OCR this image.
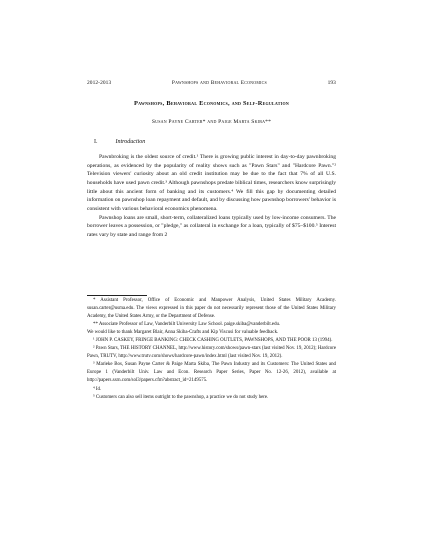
2012-2013	Pawnshops and Behavioral Economics	193
Pawnshops, Behavioral Economics, and Self-Regulation
Susan Payne Carter* and Paige Marta Skiba**
I.	Introduction

Pawnbroking is the oldest source of credit.¹ There is growing public interest in day-to-day pawnbroking operations, as evidenced by the popularity of reality shows such as "Pawn Stars" and "Hardcore Pawn."² Television viewers' curiosity about an old credit institution may be due to the fact that 7% of all U.S. households have used pawn credit.³ Although pawnshops predate biblical times, researchers know surprisingly little about this ancient form of banking and its customers.⁴ We fill this gap by documenting detailed information on pawnshop loan repayment and default, and by discussing how pawnshop borrowers' behavior is consistent with various behavioral economics phenomena.

Pawnshop loans are small, short-term, collateralized loans typically used by low-income consumers. The borrower leaves a possession, or "pledge," as collateral in exchange for a loan, typically of $75–$100.⁵ Interest rates vary by state and range from 2

* Assistant Professor, Office of Economic and Manpower Analysis, United States Military Academy. susan.carter@usma.edu. The views expressed in this paper do not necessarily represent those of the United States Military Academy, the United States Army, or the Department of Defense.

** Associate Professor of Law, Vanderbilt University Law School. paige.skiba@vanderbilt.edu.

We would like to thank Margaret Blair, Anna Skiba-Crafts and Kip Viscusi for valuable feedback.

¹ JOHN P. CASKEY, FRINGE BANKING: CHECK CASHING OUTLETS, PAWNSHOPS, AND THE POOR 13 (1994).

² Pawn Stars, THE HISTORY CHANNEL, http://www.history.com/shows/pawn-stars (last visited Nov. 19, 2012); Hardcore Pawn, TRUTV, http://www.trutv.com/shows/hardcore-pawn/index.html (last visited Nov. 19, 2012).

³ Marieke Bos, Susan Payne Carter & Paige Marta Skiba, The Pawn Industry and its Customers: The United States and Europe 1 (Vanderbilt Univ. Law and Econ. Research Paper Series, Paper No. 12-26, 2012), available at http://papers.ssrn.com/sol3/papers.cfm?abstract_id=2149575.

⁴ Id.

⁵ Customers can also sell items outright to the pawnshop, a practice we do not study here.
